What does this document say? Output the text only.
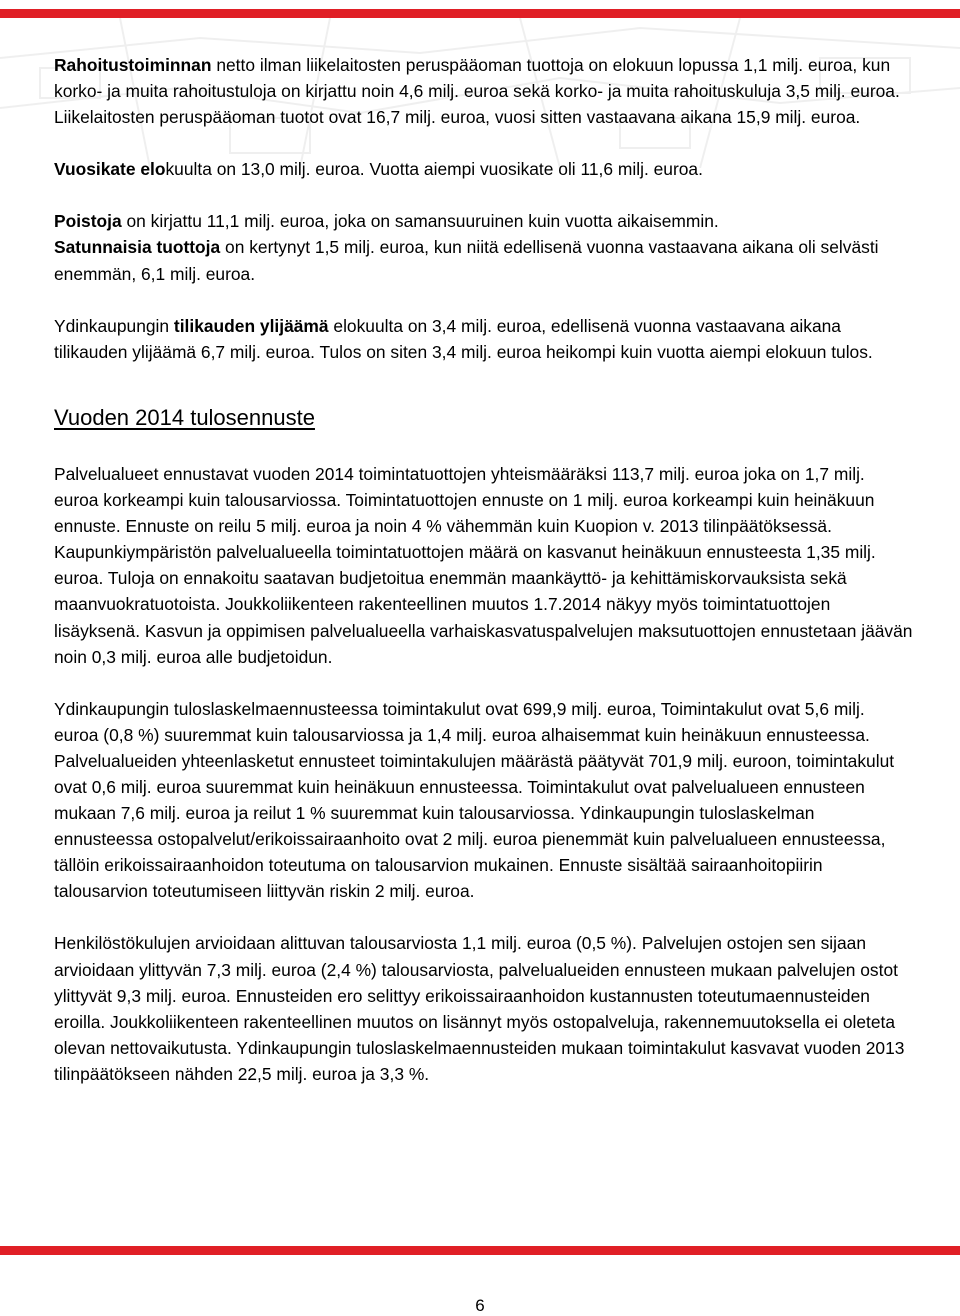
Rahoitustoiminnan netto ilman liikelaitosten peruspääoman tuottoja on elokuun lopussa 1,1 milj. euroa, kun korko- ja muita rahoitustuloja on kirjattu noin 4,6 milj. euroa sekä korko- ja muita rahoituskuluja 3,5 milj. euroa. Liikelaitosten peruspääoman tuotot ovat 16,7 milj. euroa, vuosi sitten vastaavana aikana 15,9 milj. euroa.

Vuosikate elokuulta on 13,0 milj. euroa. Vuotta aiempi vuosikate oli 11,6 milj. euroa.

Poistoja on kirjattu 11,1 milj. euroa, joka on samansuuruinen kuin vuotta aikaisemmin.
Satunnaisia tuottoja on kertynyt 1,5 milj. euroa, kun niitä edellisenä vuonna vastaavana aikana oli selvästi enemmän, 6,1 milj. euroa.

Ydinkaupungin tilikauden ylijäämä elokuulta on 3,4 milj. euroa, edellisenä vuonna vastaavana aikana tilikauden ylijäämä 6,7 milj. euroa. Tulos on siten 3,4 milj. euroa heikompi kuin vuotta aiempi elokuun tulos.

Vuoden 2014 tulosennuste

Palvelualueet ennustavat vuoden 2014 toimintatuottojen yhteismääräksi 113,7 milj. euroa joka on 1,7 milj. euroa korkeampi kuin talousarviossa. Toimintatuottojen ennuste on 1 milj. euroa korkeampi kuin heinäkuun ennuste. Ennuste on reilu 5 milj. euroa ja noin 4 % vähemmän kuin Kuopion v. 2013 tilinpäätöksessä. Kaupunkiympäristön palvelualueella toimintatuottojen määrä on kasvanut heinäkuun ennusteesta 1,35 milj. euroa. Tuloja on ennakoitu saatavan budjetoitua enemmän maankäyttö- ja kehittämiskorvauksista sekä maanvuokratuotoista. Joukkoliikenteen rakenteellinen muutos 1.7.2014 näkyy myös toimintatuottojen lisäyksenä. Kasvun ja oppimisen palvelualueella varhaiskasvatuspalvelujen maksutuottojen ennustetaan jäävän noin 0,3 milj. euroa alle budjetoidun.

Ydinkaupungin tuloslaskelmaennusteessa toimintakulut ovat 699,9 milj. euroa, Toimintakulut ovat 5,6 milj. euroa (0,8 %) suuremmat kuin talousarviossa ja 1,4 milj. euroa alhaisemmat kuin heinäkuun ennusteessa. Palvelualueiden yhteenlasketut ennusteet toimintakulujen määrästä päätyvät 701,9 milj. euroon, toimintakulut ovat 0,6 milj. euroa suuremmat kuin heinäkuun ennusteessa. Toimintakulut ovat palvelualueen ennusteen mukaan 7,6 milj. euroa ja reilut 1 % suuremmat kuin talousarviossa. Ydinkaupungin tuloslaskelman ennusteessa ostopalvelut/erikoissairaanhoito ovat 2 milj. euroa pienemmät kuin palvelualueen ennusteessa, tällöin erikoissairaanhoidon toteutuma on talousarvion mukainen. Ennuste sisältää sairaanhoitopiirin talousarvion toteutumiseen liittyvän riskin 2 milj. euroa.

Henkilöstökulujen arvioidaan alittuvan talousarviosta 1,1 milj. euroa (0,5 %). Palvelujen ostojen sen sijaan arvioidaan ylittyvän 7,3 milj. euroa (2,4 %) talousarviosta, palvelualueiden ennusteen mukaan palvelujen ostot ylittyvät 9,3 milj. euroa. Ennusteiden ero selittyy erikoissairaanhoidon kustannusten toteutumaennusteiden eroilla. Joukkoliikenteen rakenteellinen muutos on lisännyt myös ostopalveluja, rakennemuutoksella ei oleteta olevan nettovaikutusta. Ydinkaupungin tuloslaskelmaennusteiden mukaan toimintakulut kasvavat vuoden 2013 tilinpäätökseen nähden 22,5 milj. euroa ja 3,3 %.

6
